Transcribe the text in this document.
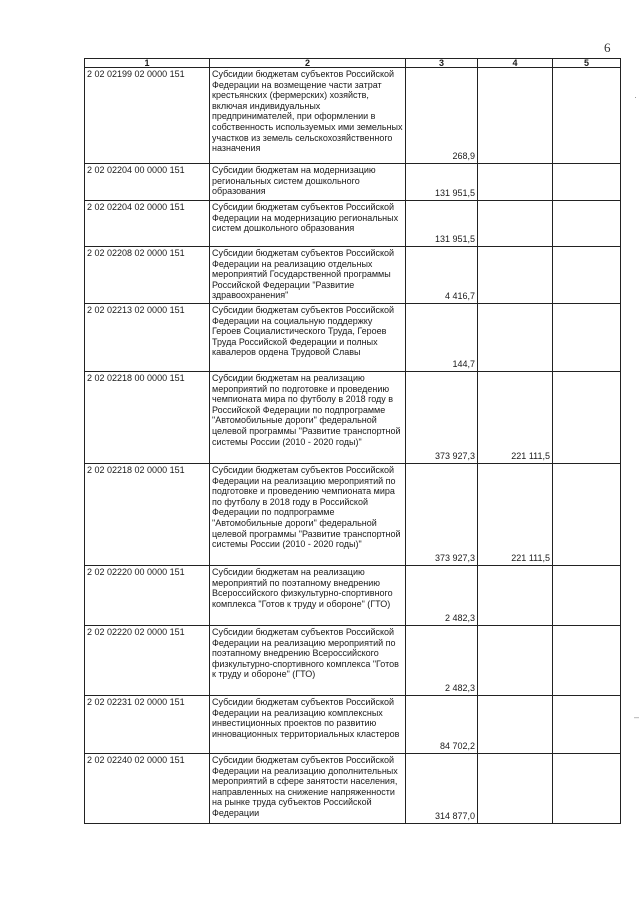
6
1	2	3	4	5
2 02 02199 02 0000 151	Субсидии бюджетам субъектов Российской Федерации на возмещение части затрат крестьянских (фермерских) хозяйств, включая индивидуальных предпринимателей, при оформлении в собственность используемых ими земельных участков из земель сельскохозяйственного назначения	268,9		
2 02 02204 00 0000 151	Субсидии бюджетам на модернизацию региональных систем дошкольного образования	131 951,5		
2 02 02204 02 0000 151	Субсидии бюджетам субъектов Российской Федерации на модернизацию региональных систем дошкольного образования	131 951,5		
2 02 02208 02 0000 151	Субсидии бюджетам субъектов Российской Федерации на реализацию отдельных мероприятий Государственной программы Российской Федерации "Развитие здравоохранения"	4 416,7		
2 02 02213 02 0000 151	Субсидии бюджетам субъектов Российской Федерации на социальную поддержку Героев Социалистического Труда, Героев Труда Российской Федерации и полных кавалеров ордена Трудовой Славы	144,7		
2 02 02218 00 0000 151	Субсидии бюджетам на реализацию мероприятий по подготовке и проведению чемпионата мира по футболу в 2018 году в Российской Федерации по подпрограмме "Автомобильные дороги" федеральной целевой программы "Развитие транспортной системы России (2010 - 2020 годы)"	373 927,3	221 111,5	
2 02 02218 02 0000 151	Субсидии бюджетам субъектов Российской Федерации на реализацию мероприятий по подготовке и проведению чемпионата мира по футболу в 2018 году в Российской Федерации по подпрограмме "Автомобильные дороги" федеральной целевой программы "Развитие транспортной системы России (2010 - 2020 годы)"	373 927,3	221 111,5	
2 02 02220 00 0000 151	Субсидии бюджетам на реализацию мероприятий по поэтапному внедрению Всероссийского физкультурно-спортивного комплекса "Готов к труду и обороне" (ГТО)	2 482,3		
2 02 02220 02 0000 151	Субсидии бюджетам субъектов Российской Федерации на реализацию мероприятий по поэтапному внедрению Всероссийского физкультурно-спортивного комплекса "Готов к труду и обороне" (ГТО)	2 482,3		
2 02 02231 02 0000 151	Субсидии бюджетам субъектов Российской Федерации на реализацию комплексных инвестиционных проектов по развитию инновационных территориальных кластеров	84 702,2		
2 02 02240 02 0000 151	Субсидии бюджетам субъектов Российской Федерации на реализацию дополнительных мероприятий в сфере занятости населения, направленных на снижение напряженности на рынке труда субъектов Российской Федерации	314 877,0		
·
–
